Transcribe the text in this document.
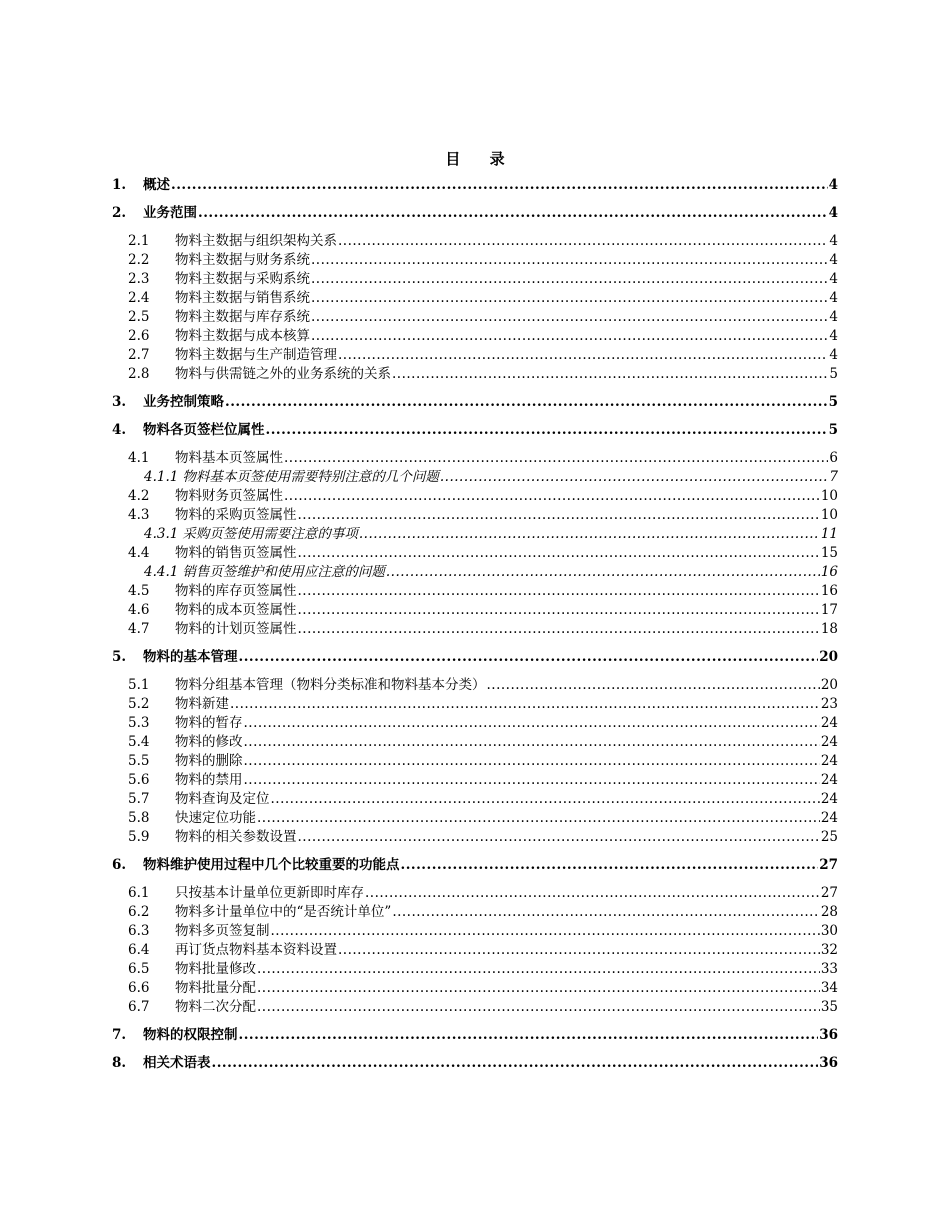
目 录
1.	概述 .....	4
2.	业务范围 .....	4
2.1	物料主数据与组织架构关系 .....	4
2.2	物料主数据与财务系统 .....	4
2.3	物料主数据与采购系统 .....	4
2.4	物料主数据与销售系统 .....	4
2.5	物料主数据与库存系统 .....	4
2.6	物料主数据与成本核算 .....	4
2.7	物料主数据与生产制造管理 .....	4
2.8	物料与供需链之外的业务系统的关系 .....	5
3.	业务控制策略 .....	5
4.	物料各页签栏位属性 .....	5
4.1	物料基本页签属性 .....	6
4.1.1 物料基本页签使用需要特别注意的几个问题 .....	7
4.2	物料财务页签属性 .....	10
4.3	物料的采购页签属性 .....	10
4.3.1 采购页签使用需要注意的事项 .....	11
4.4	物料的销售页签属性 .....	15
4.4.1 销售页签维护和使用应注意的问题 .....	16
4.5	物料的库存页签属性 .....	16
4.6	物料的成本页签属性 .....	17
4.7	物料的计划页签属性 .....	18
5.	物料的基本管理 .....	20
5.1	物料分组基本管理（物料分类标准和物料基本分类） .....	20
5.2	物料新建 .....	23
5.3	物料的暂存 .....	24
5.4	物料的修改 .....	24
5.5	物料的删除 .....	24
5.6	物料的禁用 .....	24
5.7	物料查询及定位 .....	24
5.8	快速定位功能 .....	24
5.9	物料的相关参数设置 .....	25
6.	物料维护使用过程中几个比较重要的功能点 .....	27
6.1	只按基本计量单位更新即时库存 .....	27
6.2	物料多计量单位中的“是否统计单位” .....	28
6.3	物料多页签复制 .....	30
6.4	再订货点物料基本资料设置 .....	32
6.5	物料批量修改 .....	33
6.6	物料批量分配 .....	34
6.7	物料二次分配 .....	35
7.	物料的权限控制 .....	36
8.	相关术语表 .....	36
